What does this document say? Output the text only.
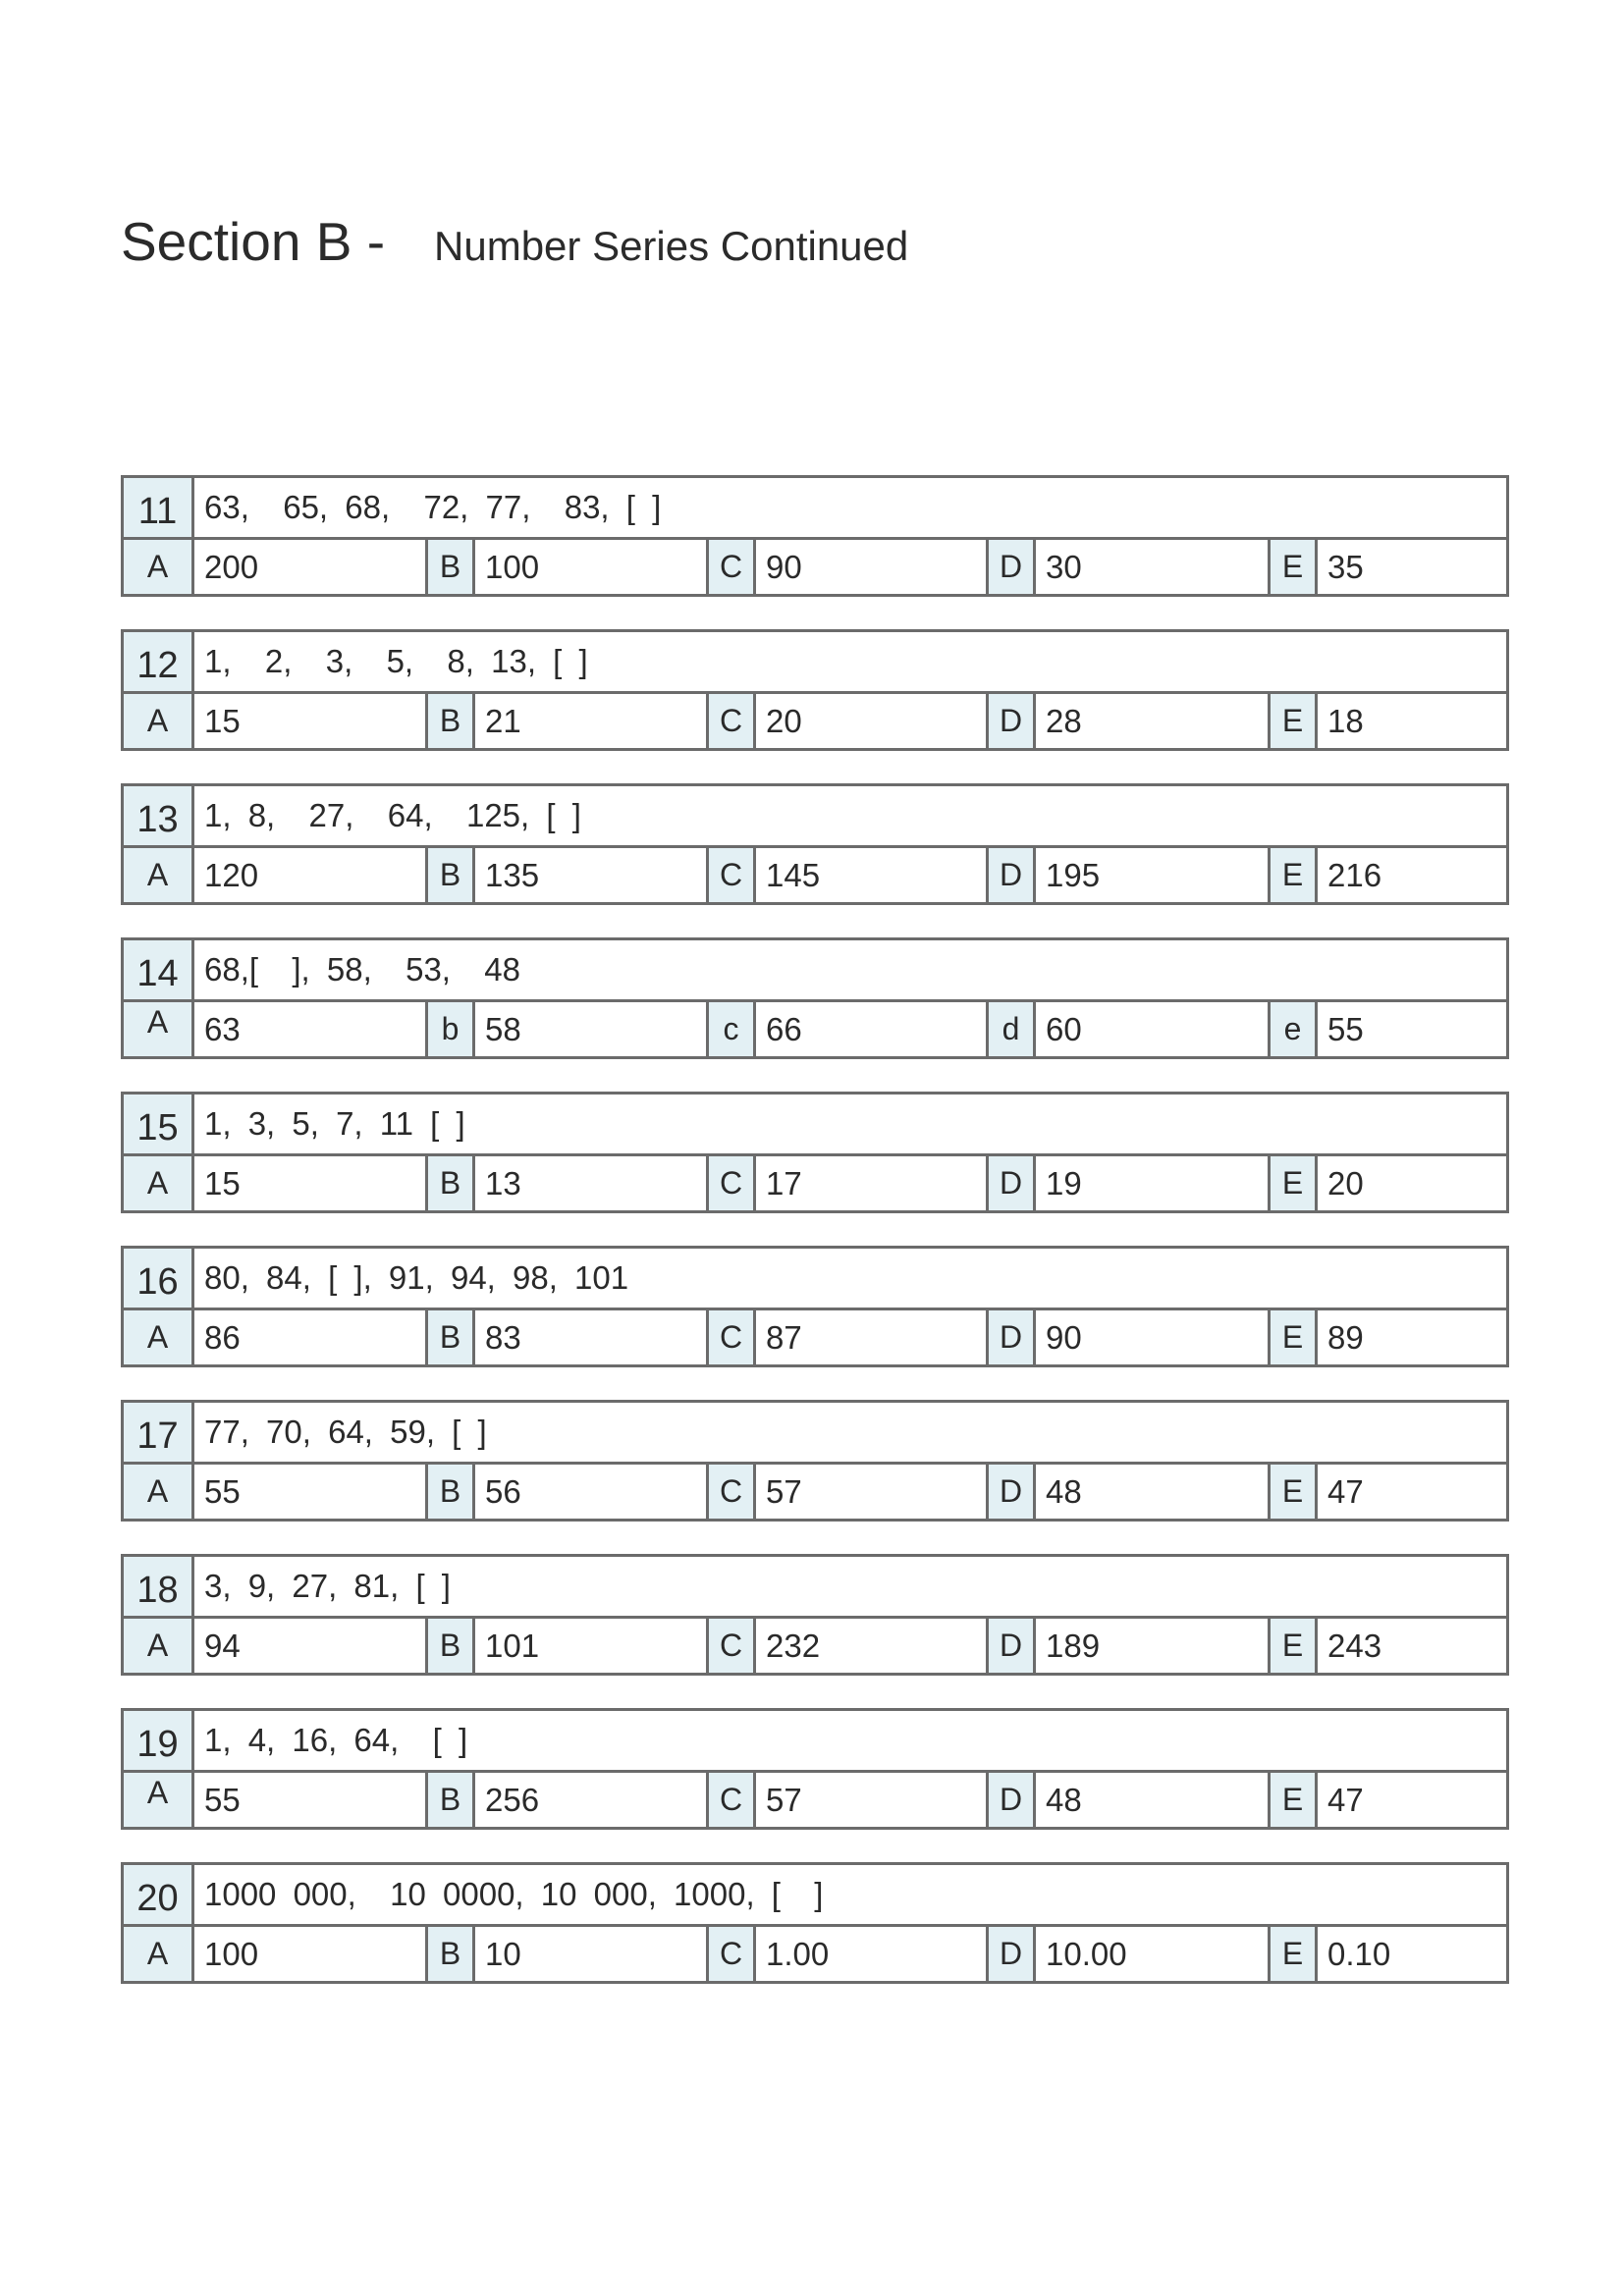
Section B - Number Series Continued
11 63,  65, 68,  72, 77,  83, [ ]
A	200	B 100	C 90	D 30	E 35
12 1,  2,  3,  5,  8, 13, [ ]
A	15	B 21	C 20	D 28	E 18
13 1, 8,  27,  64,  125, [ ]
A	120	B 135	C 145	D 195	E 216
14 68,[  ], 58,  53,  48
A	63	b 58	c 66	d 60	e 55
15 1, 3, 5, 7, 11 [ ]
A	15	B 13	C 17	D 19	E 20
16 80, 84, [ ], 91, 94, 98, 101
A	86	B 83	C 87	D 90	E 89
17 77, 70, 64, 59, [ ]
A	55	B 56	C 57	D 48	E 47
18 3, 9, 27, 81, [ ]
A	94	B 101	C 232	D 189	E 243
19 1, 4, 16, 64,  [ ]
A	55	B 256	C 57	D 48	E 47
20 1000 000,  10 0000, 10 000, 1000, [  ]
A	100	B 10	C 1.00	D 10.00	E 0.10
